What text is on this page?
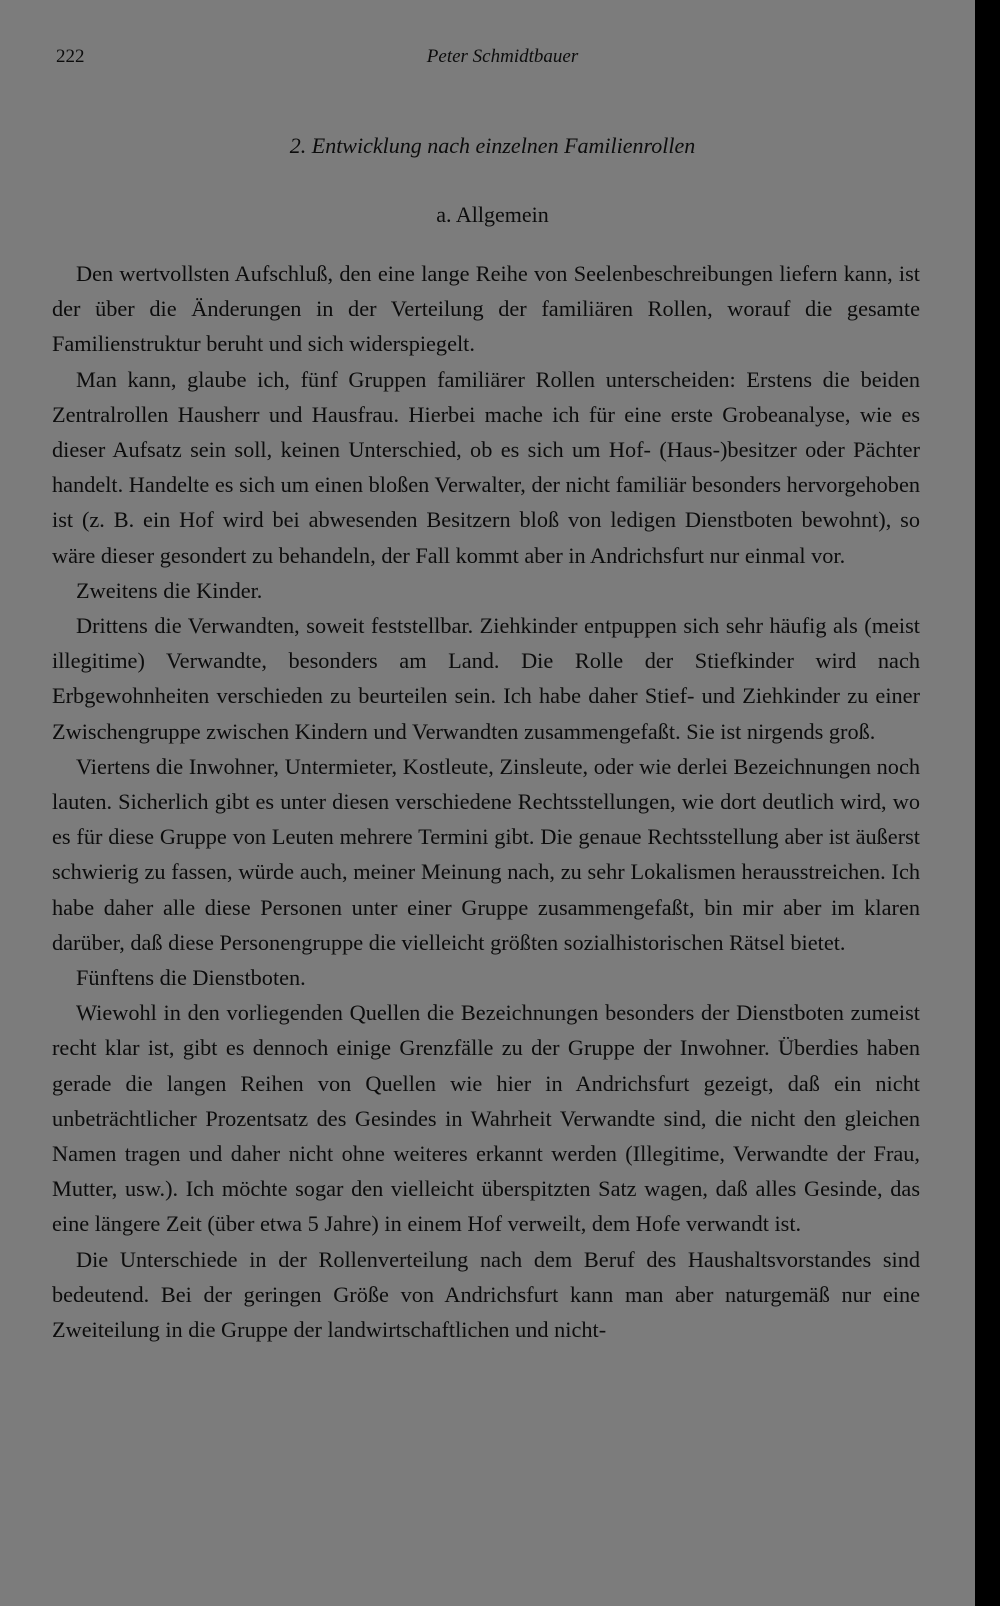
222	Peter Schmidtbauer
2. Entwicklung nach einzelnen Familienrollen
a. Allgemein

Den wertvollsten Aufschluß, den eine lange Reihe von Seelenbeschreibungen liefern kann, ist der über die Änderungen in der Verteilung der familiären Rollen, worauf die gesamte Familienstruktur beruht und sich widerspiegelt.

Man kann, glaube ich, fünf Gruppen familiärer Rollen unterscheiden: Erstens die beiden Zentralrollen Hausherr und Hausfrau. Hierbei mache ich für eine erste Grobeanalyse, wie es dieser Aufsatz sein soll, keinen Unterschied, ob es sich um Hof- (Haus-)besitzer oder Pächter handelt. Handelte es sich um einen bloßen Verwalter, der nicht familiär besonders hervorgehoben ist (z. B. ein Hof wird bei abwesenden Besitzern bloß von ledigen Dienstboten bewohnt), so wäre dieser gesondert zu behandeln, der Fall kommt aber in Andrichsfurt nur einmal vor.

Zweitens die Kinder.

Drittens die Verwandten, soweit feststellbar. Ziehkinder entpuppen sich sehr häufig als (meist illegitime) Verwandte, besonders am Land. Die Rolle der Stiefkinder wird nach Erbgewohnheiten verschieden zu beurteilen sein. Ich habe daher Stief- und Ziehkinder zu einer Zwischengruppe zwischen Kindern und Verwandten zusammengefaßt. Sie ist nirgends groß.

Viertens die Inwohner, Untermieter, Kostleute, Zinsleute, oder wie derlei Bezeichnungen noch lauten. Sicherlich gibt es unter diesen verschiedene Rechtsstellungen, wie dort deutlich wird, wo es für diese Gruppe von Leuten mehrere Termini gibt. Die genaue Rechtsstellung aber ist äußerst schwierig zu fassen, würde auch, meiner Meinung nach, zu sehr Lokalismen herausstreichen. Ich habe daher alle diese Personen unter einer Gruppe zusammengefaßt, bin mir aber im klaren darüber, daß diese Personengruppe die vielleicht größten sozialhistorischen Rätsel bietet.

Fünftens die Dienstboten.

Wiewohl in den vorliegenden Quellen die Bezeichnungen besonders der Dienstboten zumeist recht klar ist, gibt es dennoch einige Grenzfälle zu der Gruppe der Inwohner. Überdies haben gerade die langen Reihen von Quellen wie hier in Andrichsfurt gezeigt, daß ein nicht unbeträchtlicher Prozentsatz des Gesindes in Wahrheit Verwandte sind, die nicht den gleichen Namen tragen und daher nicht ohne weiteres erkannt werden (Illegitime, Verwandte der Frau, Mutter, usw.). Ich möchte sogar den vielleicht überspitzten Satz wagen, daß alles Gesinde, das eine längere Zeit (über etwa 5 Jahre) in einem Hof verweilt, dem Hofe verwandt ist.

Die Unterschiede in der Rollenverteilung nach dem Beruf des Haushaltsvorstandes sind bedeutend. Bei der geringen Größe von Andrichsfurt kann man aber naturgemäß nur eine Zweiteilung in die Gruppe der landwirtschaftlichen und nicht-
